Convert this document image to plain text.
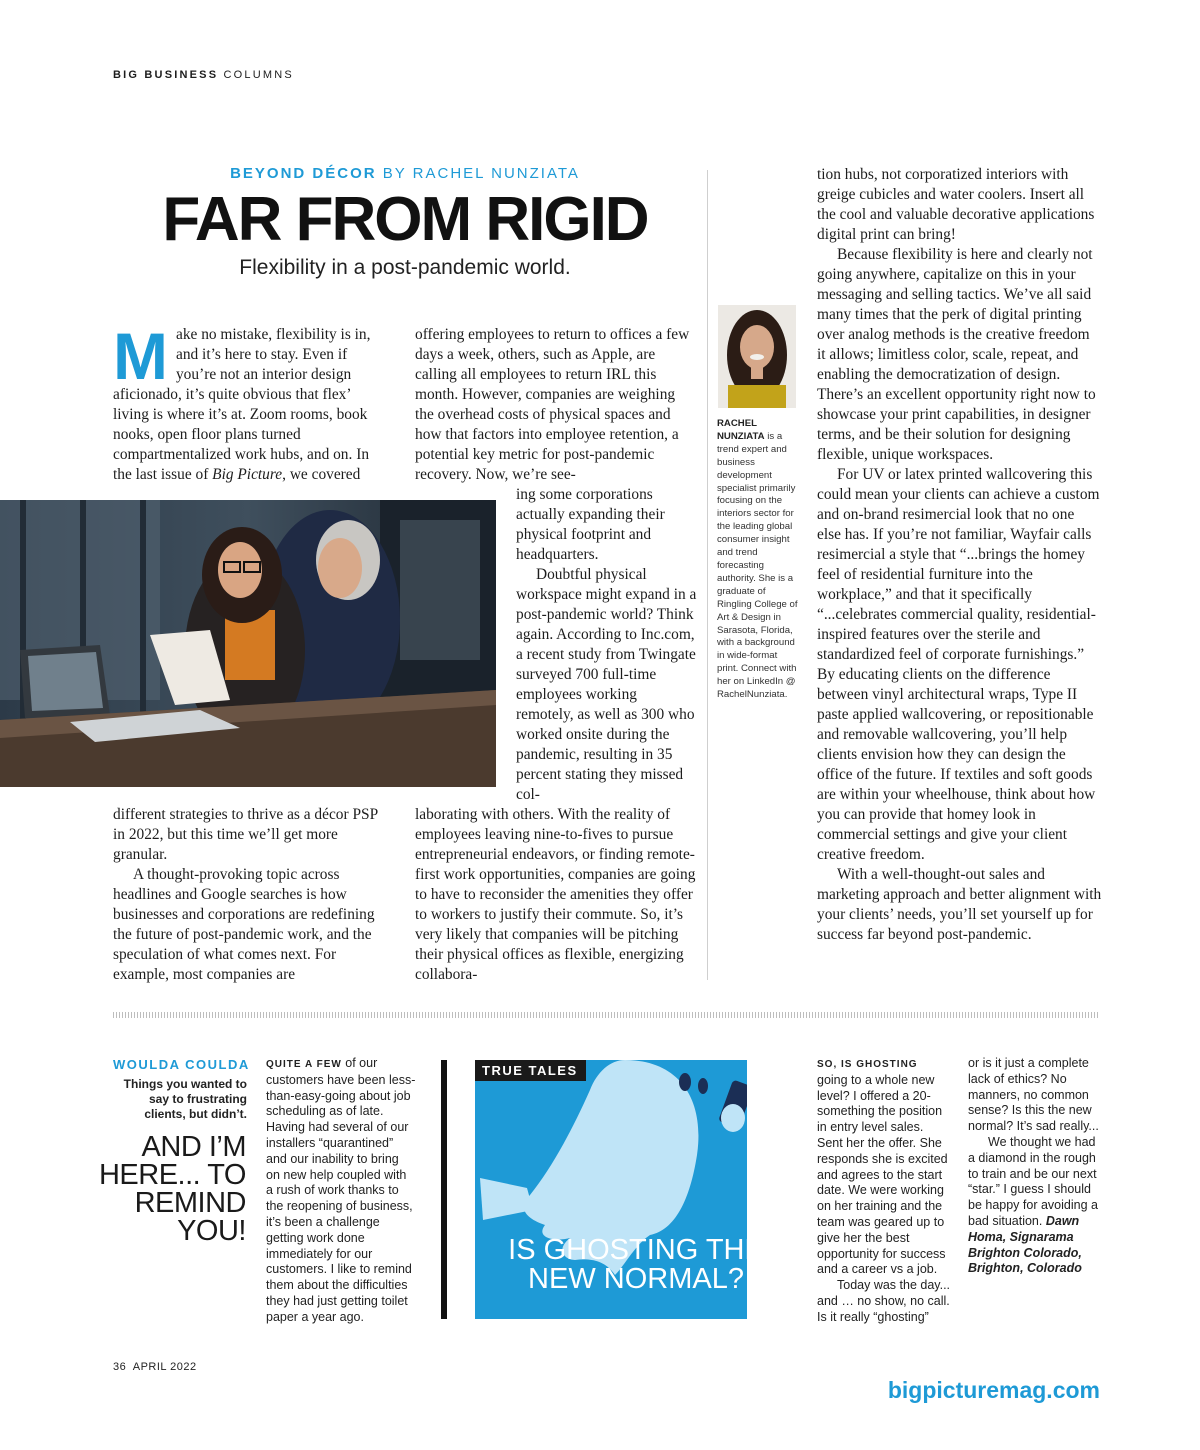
BIG BUSINESS COLUMNS
BEYOND DÉCOR BY RACHEL NUNZIATA
FAR FROM RIGID
Flexibility in a post-pandemic world.

Make no mistake, flexibility is in, and it’s here to stay. Even if you’re not an interior design aficionado, it’s quite obvious that flex’ living is where it’s at. Zoom rooms, book nooks, open floor plans turned compartmentalized work hubs, and on. In the last issue of Big Picture, we covered

different strategies to thrive as a décor PSP in 2022, but this time we’ll get more granular.

A thought-provoking topic across headlines and Google searches is how businesses and corporations are redefining the future of post-pandemic work, and the speculation of what comes next. For example, most companies are

offering employees to return to offices a few days a week, others, such as Apple, are calling all employees to return IRL this month. However, companies are weighing the overhead costs of physical spaces and how that factors into employee retention, a potential key metric for post-pandemic recovery. Now, we’re see-

ing some corporations actually expanding their physical footprint and headquarters.

Doubtful physical workspace might expand in a post-pandemic world? Think again. According to Inc.com, a recent study from Twingate surveyed 700 full-time employees working remotely, as well as 300 who worked onsite during the pandemic, resulting in 35 percent stating they missed col-

laborating with others. With the reality of employees leaving nine-to-fives to pursue entrepreneurial endeavors, or finding remote-first work opportunities, companies are going to have to reconsider the amenities they offer to workers to justify their commute. So, it’s very likely that companies will be pitching their physical offices as flexible, energizing collabora-

RACHEL NUNZIATA is a trend expert and business development specialist primarily focusing on the interiors sector for the leading global consumer insight and trend forecasting authority. She is a graduate of Ringling College of Art & Design in Sarasota, Florida, with a background in wide-format print. Connect with her on LinkedIn @ RachelNunziata.

tion hubs, not corporatized interiors with greige cubicles and water coolers. Insert all the cool and valuable decorative applications digital print can bring!

Because flexibility is here and clearly not going anywhere, capitalize on this in your messaging and selling tactics. We’ve all said many times that the perk of digital printing over analog methods is the creative freedom it allows; limitless color, scale, repeat, and enabling the democratization of design. There’s an excellent opportunity right now to showcase your print capabilities, in designer terms, and be their solution for designing flexible, unique workspaces.

For UV or latex printed wallcovering this could mean your clients can achieve a custom and on-brand resimercial look that no one else has. If you’re not familiar, Wayfair calls resimercial a style that “...brings the homey feel of residential furniture into the workplace,” and that it specifically “...celebrates commercial quality, residential-inspired features over the sterile and standardized feel of corporate furnishings.” By educating clients on the difference between vinyl architectural wraps, Type II paste applied wallcovering, or repositionable and removable wallcovering, you’ll help clients envision how they can design the office of the future. If textiles and soft goods are within your wheelhouse, think about how you can provide that homey look in commercial settings and give your client creative freedom.

With a well-thought-out sales and marketing approach and better alignment with your clients’ needs, you’ll set yourself up for success far beyond post-pandemic.

WOULDA COULDA
Things you wanted to say to frustrating clients, but didn’t.
AND I’M HERE... TO REMIND YOU!

QUITE A FEW of our customers have been less-than-easy-going about job scheduling as of late. Having had several of our installers “quarantined” and our inability to bring on new help coupled with a rush of work thanks to the reopening of business, it’s been a challenge getting work done immediately for our customers. I like to remind them about the difficulties they had just getting toilet paper a year ago.

TRUE TALES
IS GHOSTING THE NEW NORMAL?

SO, IS GHOSTING going to a whole new level? I offered a 20-something the position in entry level sales. Sent her the offer. She responds she is excited and agrees to the start date. We were working on her training and the team was geared up to give her the best opportunity for success and a career vs a job.

Today was the day... and … no show, no call. Is it really “ghosting”

or is it just a complete lack of ethics? No manners, no common sense? Is this the new normal? It’s sad really...

We thought we had a diamond in the rough to train and be our next “star.” I guess I should be happy for avoiding a bad situation. Dawn Homa, Signarama Brighton Colorado, Brighton, Colorado

36  APRIL 2022
bigpicturemag.com
